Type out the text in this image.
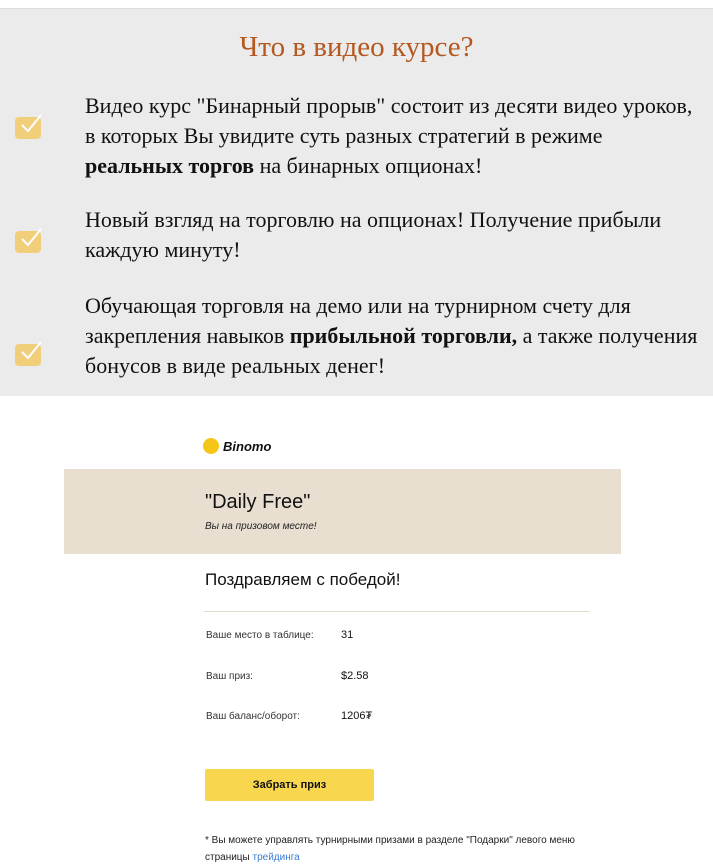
Что в видео курсе?
Видео курс "Бинарный прорыв" состоит из десяти видео уроков, в которых Вы увидите суть разных стратегий в режиме реальных торгов на бинарных опционах!
Новый взгляд на торговлю на опционах! Получение прибыли каждую минуту!
Обучающая торговля на демо или на турнирном счету для закрепления навыков прибыльной торговли, а также получения бонусов в виде реальных денег!
Binomo
"Daily Free"
Вы на призовом месте!
Поздравляем с победой!
Ваше место в таблице: 31
Ваш приз:	$2.58
Ваш баланс/оборот:	1206₮
Забрать приз
* Вы можете управлять турнирными призами в разделе "Подарки" левого меню страницы трейдинга
